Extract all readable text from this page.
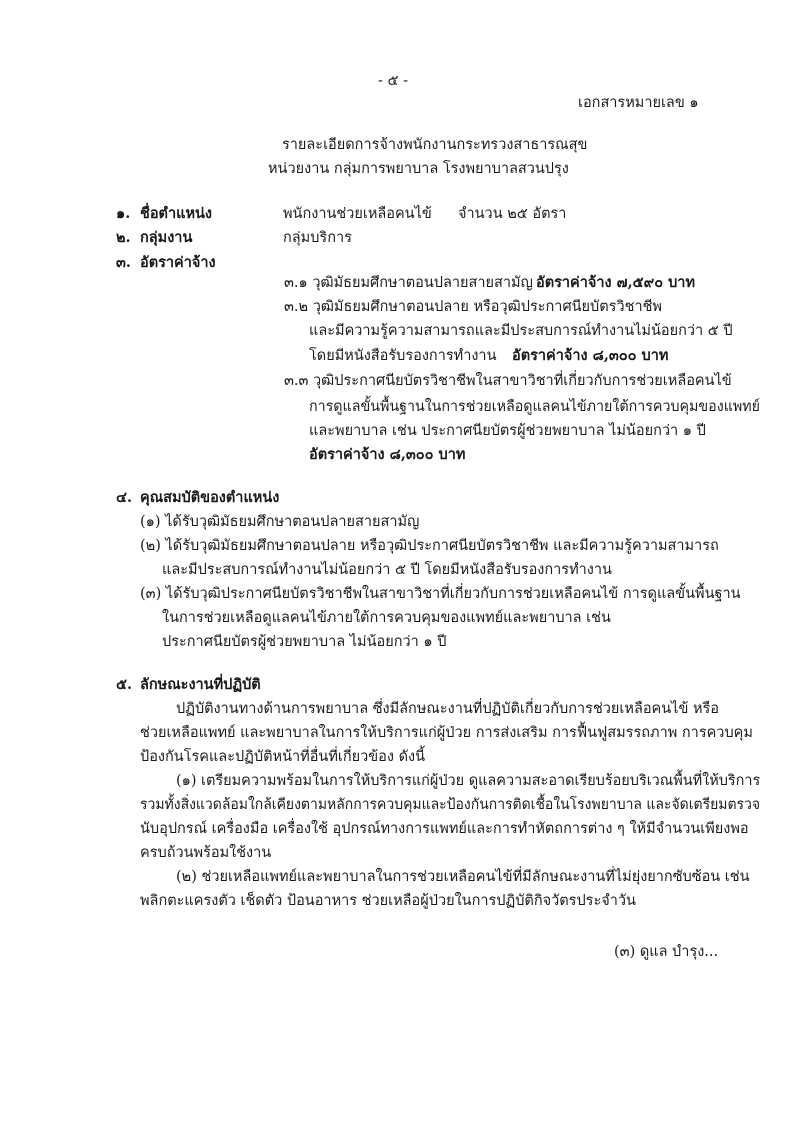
- ๕ -
เอกสารหมายเลข ๑
รายละเอียดการจ้างพนักงานกระทรวงสาธารณสุข
หน่วยงาน กลุ่มการพยาบาล โรงพยาบาลสวนปรุง
๑. ชื่อตำแหน่ง	พนักงานช่วยเหลือคนไข้ จำนวน ๒๕ อัตรา
๒. กลุ่มงาน	กลุ่มบริการ
๓. อัตราค่าจ้าง
๓.๑ วุฒิมัธยมศึกษาตอนปลายสายสามัญ อัตราค่าจ้าง ๗,๕๙๐ บาท
๓.๒ วุฒิมัธยมศึกษาตอนปลาย หรือวุฒิประกาศนียบัตรวิชาชีพ
และมีความรู้ความสามารถและมีประสบการณ์ทำงานไม่น้อยกว่า ๕ ปี
โดยมีหนังสือรับรองการทำงาน อัตราค่าจ้าง ๘,๓๐๐ บาท
๓.๓ วุฒิประกาศนียบัตรวิชาชีพในสาขาวิชาที่เกี่ยวกับการช่วยเหลือคนไข้
การดูแลขั้นพื้นฐานในการช่วยเหลือดูแลคนไข้ภายใต้การควบคุมของแพทย์
และพยาบาล เช่น ประกาศนียบัตรผู้ช่วยพยาบาล ไม่น้อยกว่า ๑ ปี
อัตราค่าจ้าง ๘,๓๐๐ บาท
๔. คุณสมบัติของตำแหน่ง
(๑) ได้รับวุฒิมัธยมศึกษาตอนปลายสายสามัญ
(๒) ได้รับวุฒิมัธยมศึกษาตอนปลาย หรือวุฒิประกาศนียบัตรวิชาชีพ และมีความรู้ความสามารถ
และมีประสบการณ์ทำงานไม่น้อยกว่า ๕ ปี โดยมีหนังสือรับรองการทำงาน
(๓) ได้รับวุฒิประกาศนียบัตรวิชาชีพในสาขาวิชาที่เกี่ยวกับการช่วยเหลือคนไข้ การดูแลขั้นพื้นฐาน
ในการช่วยเหลือดูแลคนไข้ภายใต้การควบคุมของแพทย์และพยาบาล เช่น
ประกาศนียบัตรผู้ช่วยพยาบาล ไม่น้อยกว่า ๑ ปี
๕. ลักษณะงานที่ปฏิบัติ
ปฏิบัติงานทางด้านการพยาบาล ซึ่งมีลักษณะงานที่ปฏิบัติเกี่ยวกับการช่วยเหลือคนไข้ หรือ
ช่วยเหลือแพทย์ และพยาบาลในการให้บริการแก่ผู้ป่วย การส่งเสริม การฟื้นฟูสมรรถภาพ การควบคุม
ป้องกันโรคและปฏิบัติหน้าที่อื่นที่เกี่ยวข้อง ดังนี้
(๑) เตรียมความพร้อมในการให้บริการแก่ผู้ป่วย ดูแลความสะอาดเรียบร้อยบริเวณพื้นที่ให้บริการ
รวมทั้งสิ่งแวดล้อมใกล้เคียงตามหลักการควบคุมและป้องกันการติดเชื้อในโรงพยาบาล และจัดเตรียมตรวจ
นับอุปกรณ์ เครื่องมือ เครื่องใช้ อุปกรณ์ทางการแพทย์และการทำหัตถการต่าง ๆ ให้มีจำนวนเพียงพอ
ครบถ้วนพร้อมใช้งาน
(๒) ช่วยเหลือแพทย์และพยาบาลในการช่วยเหลือคนไข้ที่มีลักษณะงานที่ไม่ยุ่งยากซับซ้อน เช่น
พลิกตะแครงตัว เช็ดตัว ป้อนอาหาร ช่วยเหลือผู้ป่วยในการปฏิบัติกิจวัตรประจำวัน
(๓) ดูแล บำรุง...
